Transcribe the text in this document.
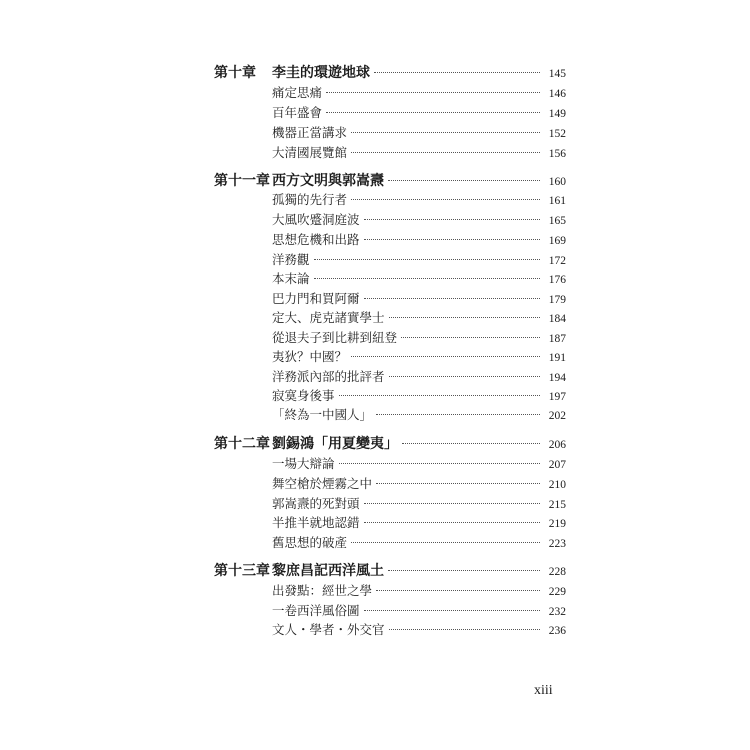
第十章	李圭的環遊地球	145
痛定思痛	146
百年盛會	149
機器正當講求	152
大清國展覽館	156
第十一章 西方文明與郭嵩燾	160
孤獨的先行者	161
大風吹蹙洞庭波	165
思想危機和出路	169
洋務觀	172
本末論	176
巴力門和買阿爾	179
定大、虎克諸實學士	184
從退夫子到比耕到紐登	187
夷狄？中國？	191
洋務派內部的批評者	194
寂寞身後事	197
「終為一中國人」	202
第十二章 劉錫鴻「用夏變夷」	206
一場大辯論	207
舞空槍於煙霧之中	210
郭嵩燾的死對頭	215
半推半就地認錯	219
舊思想的破產	223
第十三章 黎庶昌記西洋風土	228
出發點：經世之學	229
一卷西洋風俗圖	232
文人・學者・外交官	236
xiii
